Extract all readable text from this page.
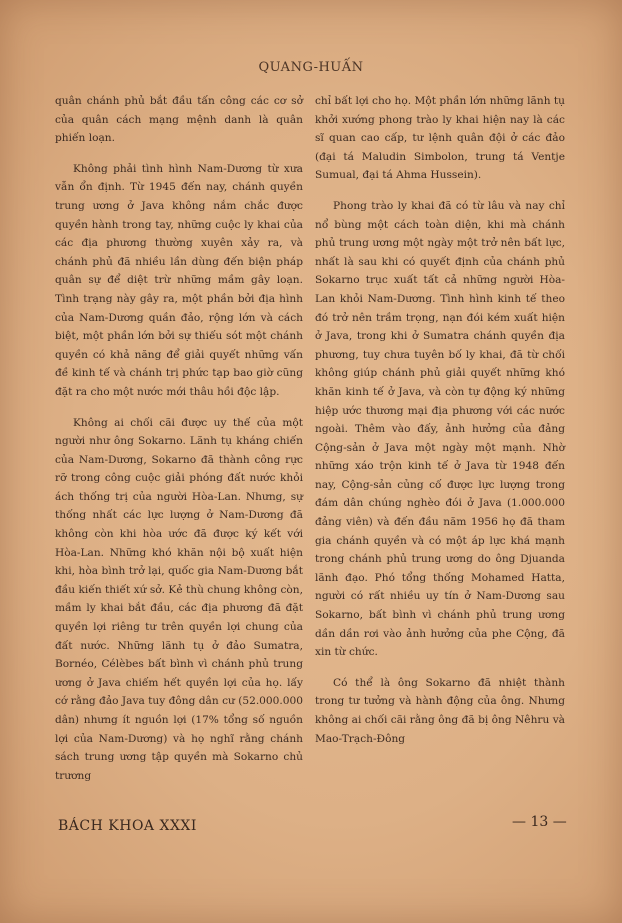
QUANG-HUẤN

quân chánh phủ bắt đầu tấn công các cơ sở của quân cách mạng mệnh danh là quân phiến loạn.

Không phải tình hình Nam-Dương từ xưa vẫn ổn định. Từ 1945 đến nay, chánh quyền trung ương ở Java không nắm chắc được quyền hành trong tay, những cuộc ly khai của các địa phương thường xuyên xảy ra, và chánh phủ đã nhiều lần dùng đến biện pháp quân sự để diệt trừ những mầm gây loạn. Tình trạng này gây ra, một phần bởi địa hình của Nam-Dương quần đảo, rộng lớn và cách biệt, một phần lớn bởi sự thiếu sót một chánh quyền có khả năng để giải quyết những vấn đề kinh tế và chánh trị phức tạp bao giờ cũng đặt ra cho một nước mới thâu hồi độc lập.

Không ai chối cãi được uy thế của một người như ông Sokarno. Lãnh tụ kháng chiến của Nam-Dương, Sokarno đã thành công rực rỡ trong công cuộc giải phóng đất nước khỏi ách thống trị của người Hòa-Lan. Nhưng, sự thống nhất các lực lượng ở Nam-Dương đã không còn khi hòa ước đã được ký kết với Hòa-Lan. Những khó khăn nội bộ xuất hiện khi, hòa bình trở lại, quốc gia Nam-Dương bắt đầu kiến thiết xứ sở. Kẻ thù chung không còn, mầm ly khai bắt đầu, các địa phương đã đặt quyền lợi riêng tư trên quyền lợi chung của đất nước. Những lãnh tụ ở đảo Sumatra, Bornéo, Célèbes bất bình vì chánh phủ trung ương ở Java chiếm hết quyền lợi của họ. lấy cớ rằng đảo Java tuy đông dân cư (52.000.000 dân) nhưng ít nguồn lợi (17% tổng số nguồn lợi của Nam-Dương) và họ nghĩ rằng chánh sách trung ương tập quyền mà Sokarno chủ trương

chỉ bất lợi cho họ. Một phần lớn những lãnh tụ khởi xướng phong trào ly khai hiện nay là các sĩ quan cao cấp, tư lệnh quân đội ở các đảo (đại tá Maludin Simbolon, trung tá Ventje Sumual, đại tá Ahma Hussein).

Phong trào ly khai đã có từ lâu và nay chỉ nổ bùng một cách toàn diện, khi mà chánh phủ trung ương một ngày một trở nên bất lực, nhất là sau khi có quyết định của chánh phủ Sokarno trục xuất tất cả những người Hòa-Lan khỏi Nam-Dương. Tình hình kinh tế theo đó trở nên trầm trọng, nạn đói kém xuất hiện ở Java, trong khi ở Sumatra chánh quyền địa phương, tuy chưa tuyên bố ly khai, đã từ chối không giúp chánh phủ giải quyết những khó khăn kinh tế ở Java, và còn tự động ký những hiệp ước thương mại địa phương với các nước ngoài. Thêm vào đấy, ảnh hưởng của đảng Cộng-sản ở Java một ngày một mạnh. Nhờ những xáo trộn kinh tế ở Java từ 1948 đến nay, Cộng-sản củng cố được lực lượng trong đám dân chúng nghèo đói ở Java (1.000.000 đảng viên) và đến đầu năm 1956 họ đã tham gia chánh quyền và có một áp lực khá mạnh trong chánh phủ trung ương do ông Djuanda lãnh đạo. Phó tổng thống Mohamed Hatta, người có rất nhiều uy tín ở Nam-Dương sau Sokarno, bất bình vì chánh phủ trung ương dần dần rơi vào ảnh hưởng của phe Cộng, đã xin từ chức.

Có thể là ông Sokarno đã nhiệt thành trong tư tưởng và hành động của ông. Nhưng không ai chối cãi rằng ông đã bị ông Nêhru và Mao-Trạch-Đông

BÁCH KHOA XXXI	— 13 —
